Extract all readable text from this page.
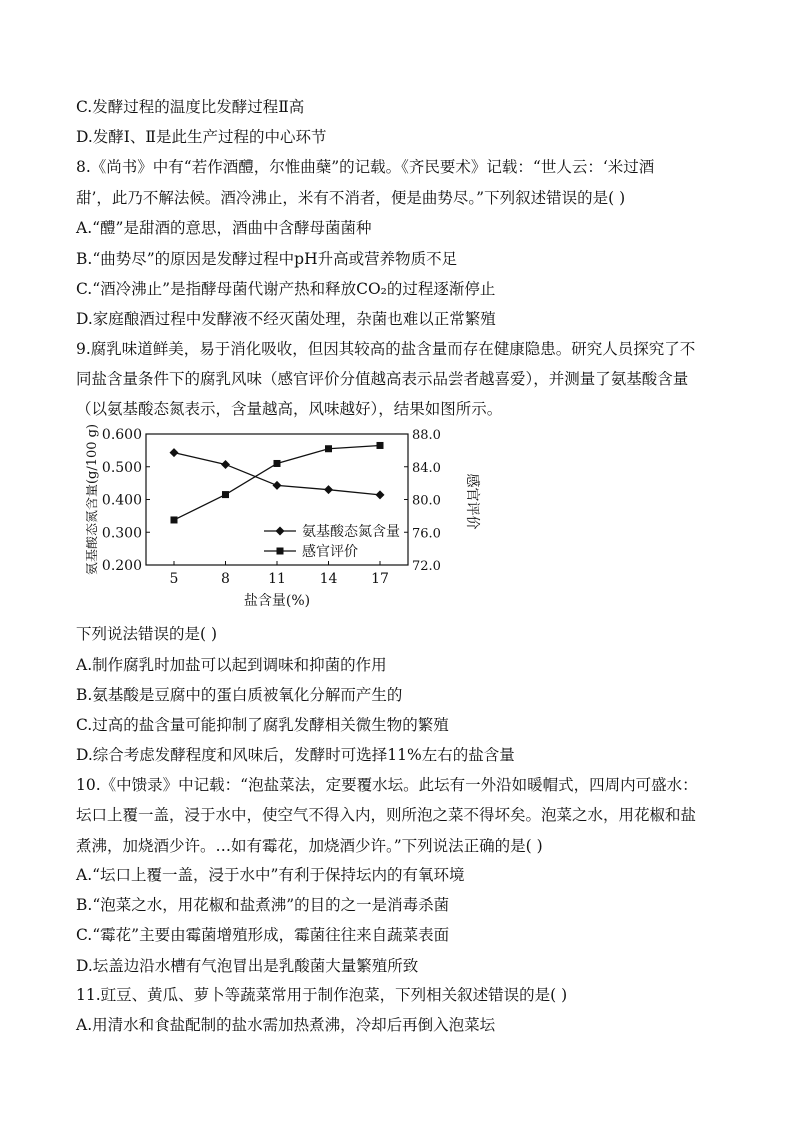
C.发酵过程的温度比发酵过程Ⅱ高
D.发酵Ⅰ、Ⅱ是此生产过程的中心环节
8.《尚书》中有“若作酒醴，尔惟曲蘖”的记载。《齐民要术》记载：“世人云：‘米过酒
甜’，此乃不解法候。酒冷沸止，米有不消者，便是曲势尽。”下列叙述错误的是( )
A.“醴”是甜酒的意思，酒曲中含酵母菌菌种
B.“曲势尽”的原因是发酵过程中pH升高或营养物质不足
C.“酒冷沸止”是指酵母菌代谢产热和释放CO₂的过程逐渐停止
D.家庭酿酒过程中发酵液不经灭菌处理，杂菌也难以正常繁殖
9.腐乳味道鲜美，易于消化吸收，但因其较高的盐含量而存在健康隐患。研究人员探究了不
同盐含量条件下的腐乳风味（感官评价分值越高表示品尝者越喜爱），并测量了氨基酸含量
（以氨基酸态氮表示，含量越高，风味越好），结果如图所示。
下列说法错误的是( )
A.制作腐乳时加盐可以起到调味和抑菌的作用
B.氨基酸是豆腐中的蛋白质被氧化分解而产生的
C.过高的盐含量可能抑制了腐乳发酵相关微生物的繁殖
D.综合考虑发酵程度和风味后，发酵时可选择11%左右的盐含量
10.《中馈录》中记载：“泡盐菜法，定要覆水坛。此坛有一外沿如暖帽式，四周内可盛水：
坛口上覆一盖，浸于水中，使空气不得入内，则所泡之菜不得坏矣。泡菜之水，用花椒和盐
煮沸，加烧酒少许。…如有霉花，加烧酒少许。”下列说法正确的是( )
A.“坛口上覆一盖，浸于水中”有利于保持坛内的有氧环境
B.“泡菜之水，用花椒和盐煮沸”的目的之一是消毒杀菌
C.“霉花”主要由霉菌增殖形成，霉菌往往来自蔬菜表面
D.坛盖边沿水槽有气泡冒出是乳酸菌大量繁殖所致
11.豇豆、黄瓜、萝卜等蔬菜常用于制作泡菜，下列相关叙述错误的是( )
A.用清水和食盐配制的盐水需加热煮沸，冷却后再倒入泡菜坛
0.200
0.300
0.400
0.500
0.600
72.0
76.0
80.0
84.0
88.0
5	8	11 14 17
氨基酸态氮含量
感官评价
盐含量(%)
氨基酸态氮含量(g/100 g)	感官评价
